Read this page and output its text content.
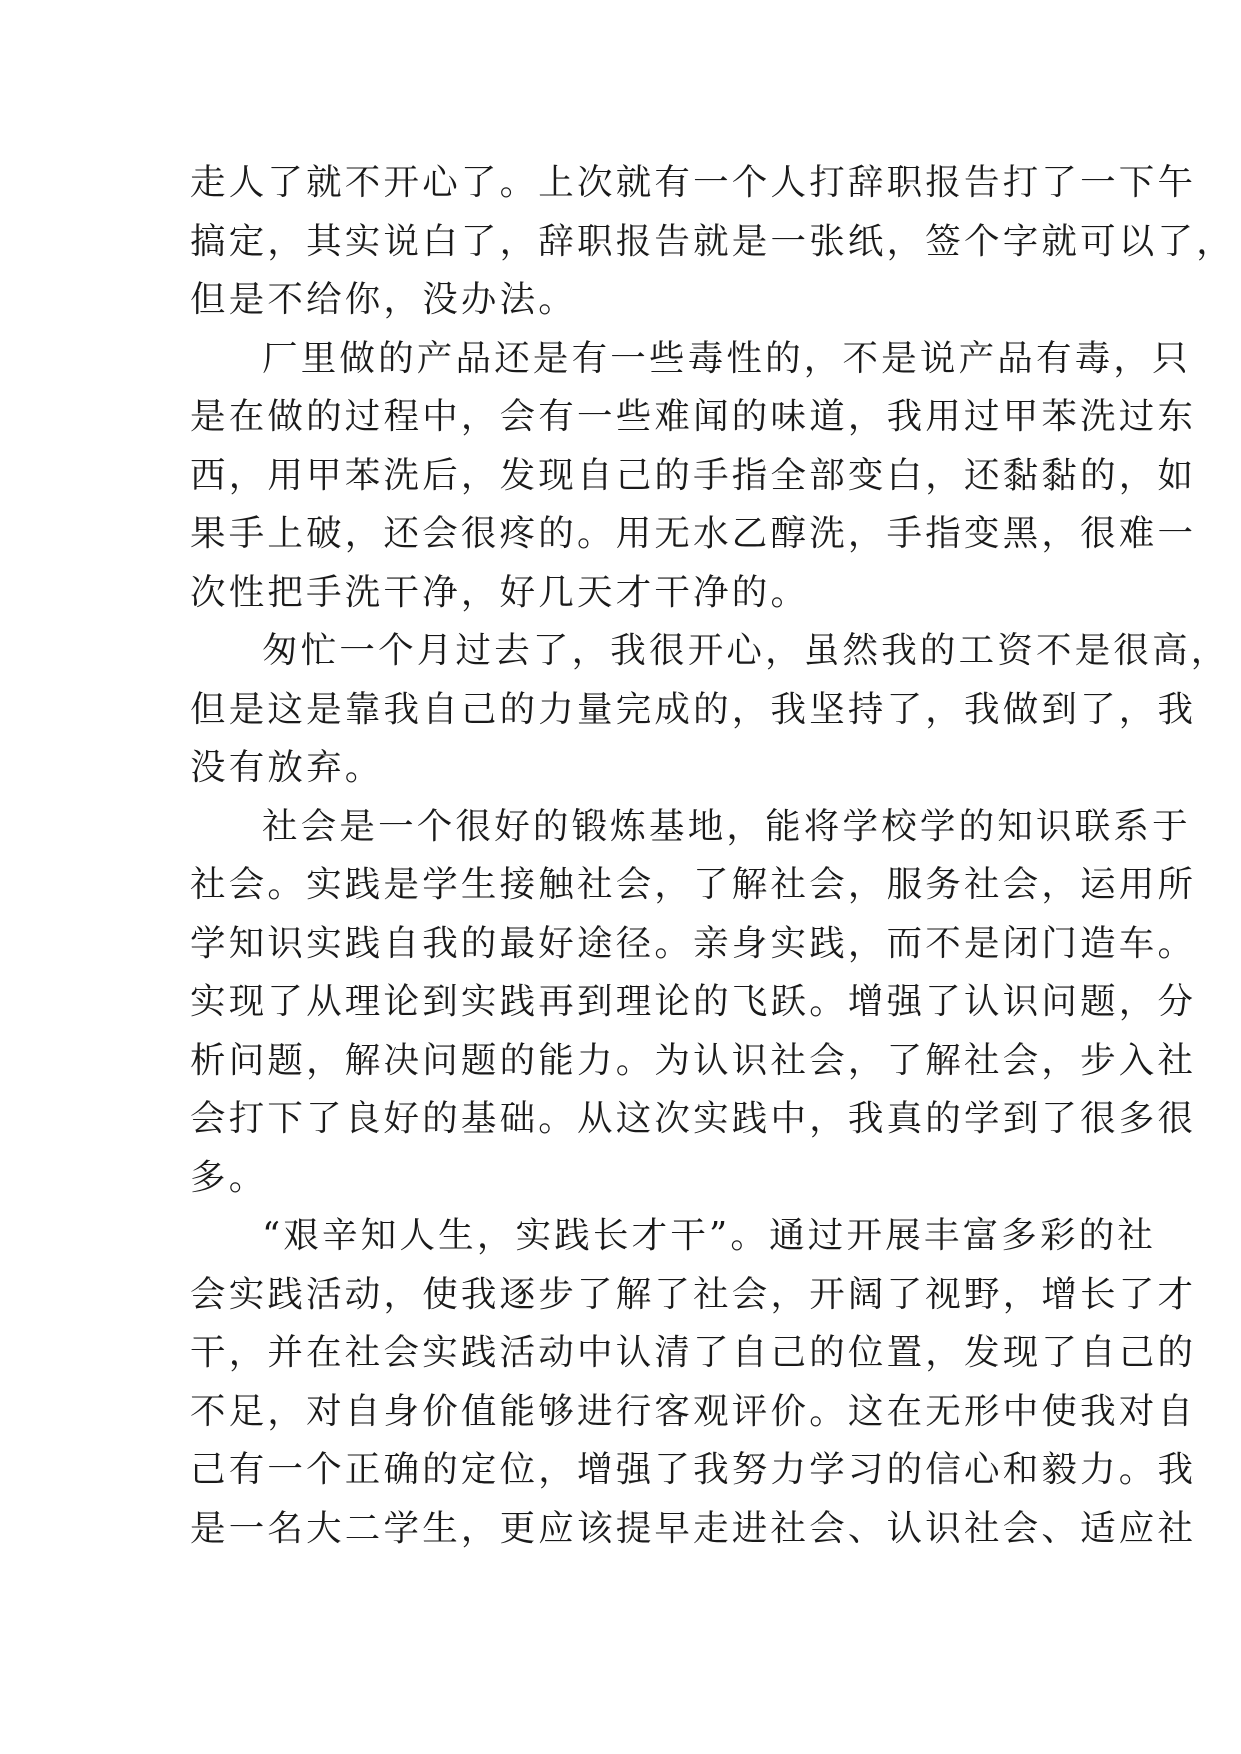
走人了就不开心了。上次就有一个人打辞职报告打了一下午
搞定，其实说白了，辞职报告就是一张纸，签个字就可以了，
但是不给你，没办法。
厂里做的产品还是有一些毒性的，不是说产品有毒，只
是在做的过程中，会有一些难闻的味道，我用过甲苯洗过东
西，用甲苯洗后，发现自己的手指全部变白，还黏黏的，如
果手上破，还会很疼的。用无水乙醇洗，手指变黑，很难一
次性把手洗干净，好几天才干净的。
匆忙一个月过去了，我很开心，虽然我的工资不是很高，
但是这是靠我自己的力量完成的，我坚持了，我做到了，我
没有放弃。
社会是一个很好的锻炼基地，能将学校学的知识联系于
社会。实践是学生接触社会，了解社会，服务社会，运用所
学知识实践自我的最好途径。亲身实践，而不是闭门造车。
实现了从理论到实践再到理论的飞跃。增强了认识问题，分
析问题，解决问题的能力。为认识社会，了解社会，步入社
会打下了良好的基础。从这次实践中，我真的学到了很多很
多。
“艰辛知人生，实践长才干”。通过开展丰富多彩的社
会实践活动，使我逐步了解了社会，开阔了视野，增长了才
干，并在社会实践活动中认清了自己的位置，发现了自己的
不足，对自身价值能够进行客观评价。这在无形中使我对自
己有一个正确的定位，增强了我努力学习的信心和毅力。我
是一名大二学生，更应该提早走进社会、认识社会、适应社
